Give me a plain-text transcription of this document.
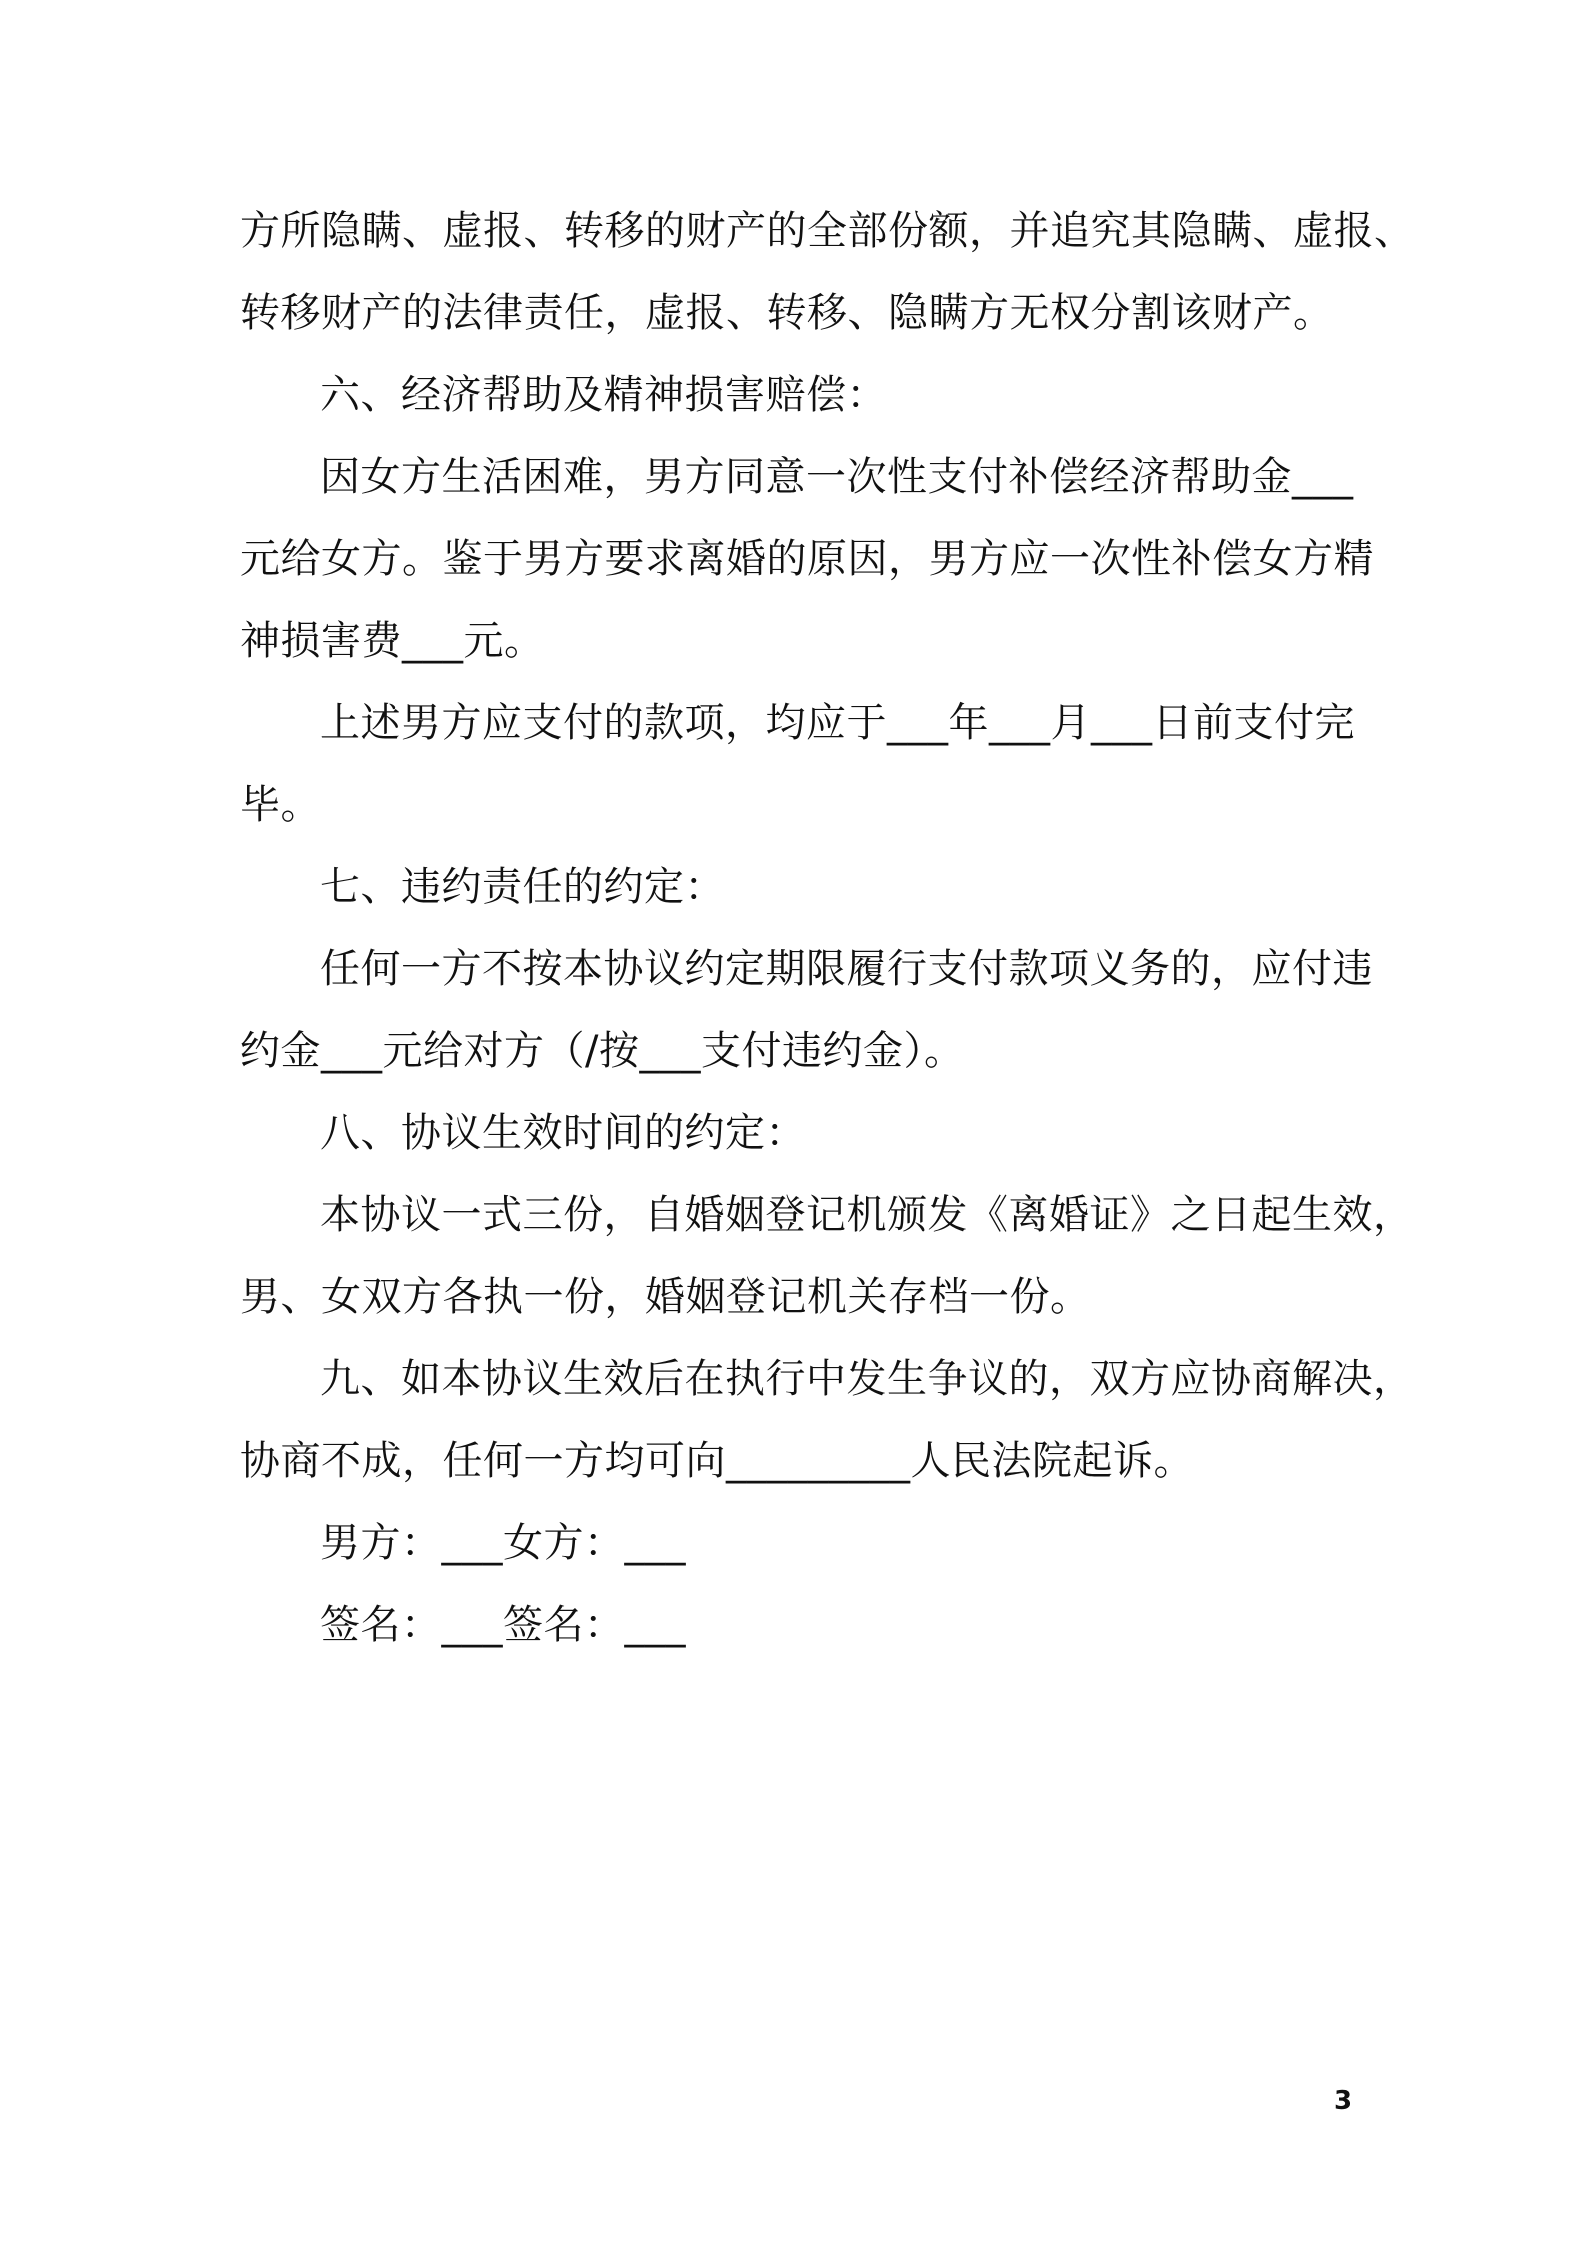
方所隐瞒、虚报、转移的财产的全部份额，并追究其隐瞒、虚报、

转移财产的法律责任，虚报、转移、隐瞒方无权分割该财产。

六、经济帮助及精神损害赔偿：

因女方生活困难，男方同意一次性支付补偿经济帮助金___

元给女方。鉴于男方要求离婚的原因，男方应一次性补偿女方精

神损害费___元。

上述男方应支付的款项，均应于___年___月___日前支付完

毕。

七、违约责任的约定：

任何一方不按本协议约定期限履行支付款项义务的，应付违

约金___元给对方（/按___支付违约金）。

八、协议生效时间的约定：

本协议一式三份，自婚姻登记机颁发《离婚证》之日起生效，

男、女双方各执一份，婚姻登记机关存档一份。

九、如本协议生效后在执行中发生争议的，双方应协商解决，

协商不成，任何一方均可向_________人民法院起诉。

男方：___女方：___

签名：___签名：___

3
